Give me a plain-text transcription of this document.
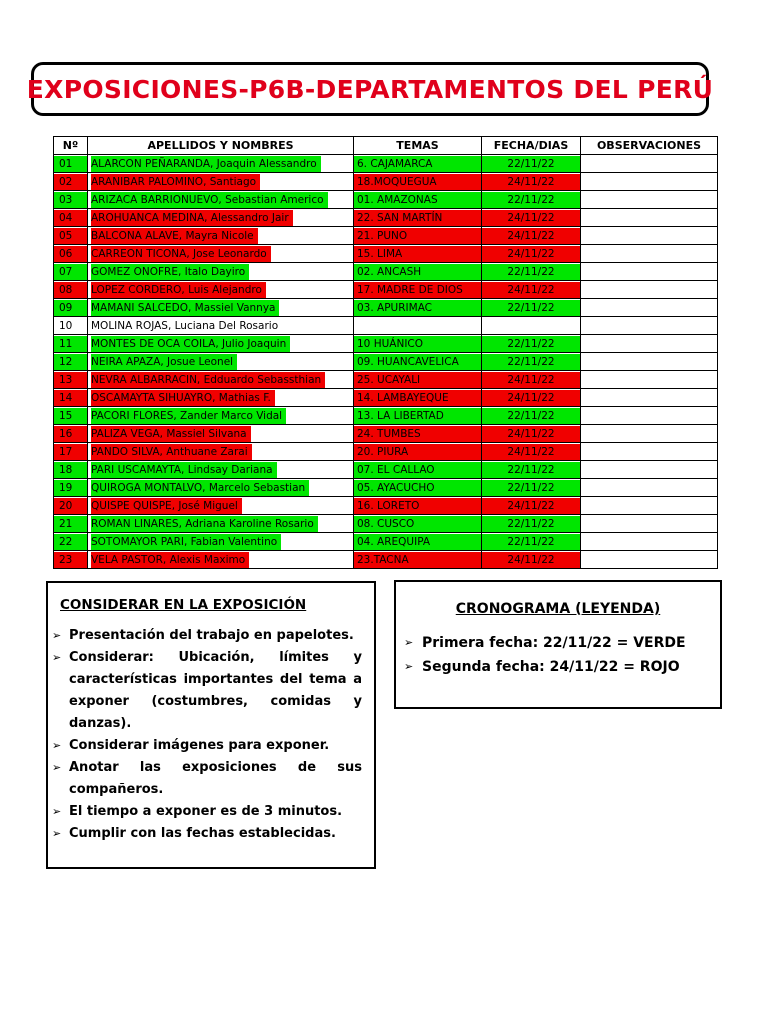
EXPOSICIONES-P6B-DEPARTAMENTOS DEL PERÚ
Nº	APELLIDOS Y NOMBRES	TEMAS	FECHA/DIAS	OBSERVACIONES

01	ALARCON PEÑARANDA, Joaquin Alessandro	6. CAJAMARCA	22/11/22	

02	ARANIBAR PALOMINO, Santiago	18.MOQUEGUA	24/11/22	

03	ARIZACA BARRIONUEVO, Sebastian Americo	01. AMAZONAS	22/11/22	

04	AROHUANCA MEDINA, Alessandro Jair	22. SAN MARTÍN	24/11/22	

05	BALCONA ALAVE, Mayra Nicole	21. PUNO	24/11/22	

06	CARREON TICONA, Jose Leonardo	15. LIMA	24/11/22	

07	GOMEZ ONOFRE, Italo Dayiro	02. ANCASH	22/11/22	

08	LOPEZ CORDERO, Luis Alejandro	17. MADRE DE DIOS	24/11/22	

09	MAMANI SALCEDO, Massiel Vannya	03. APURIMAC	22/11/22	

10	MOLINA ROJAS, Luciana Del Rosario			

11	MONTES DE OCA COILA, Julio Joaquin	10 HUÁNICO	22/11/22	

12	NEIRA APAZA, Josue Leonel	09. HUANCAVELICA	22/11/22	

13	NEVRA ALBARRACIN, Edduardo Sebassthian	25. UCAYALI	24/11/22	

14	OSCAMAYTA SIHUAYRO, Mathias F.	14. LAMBAYEQUE	24/11/22	

15	PACORI FLORES, Zander Marco Vidal	13. LA LIBERTAD	22/11/22	

16	PALIZA VEGA, Massiel Silvana	24. TUMBES	24/11/22	

17	PANDO SILVA, Anthuane Zarai	20. PIURA	24/11/22	

18	PARI USCAMAYTA, Lindsay Dariana	07. EL CALLAO	22/11/22	

19	QUIROGA MONTALVO, Marcelo Sebastian	05. AYACUCHO	22/11/22	

20	QUISPE QUISPE, José Miguel	16. LORETO	24/11/22	

21	ROMAN LINARES, Adriana Karoline Rosario	08. CUSCO	22/11/22	

22	SOTOMAYOR PARI, Fabian Valentino	04. AREQUIPA	22/11/22	

23	VELA PASTOR, Alexis Maximo	23.TACNA	24/11/22	

CONSIDERAR EN LA EXPOSICIÓN
➢ Presentación del trabajo en papelotes.
➢ Considerar: Ubicación, límites y características importantes del tema a exponer (costumbres, comidas y danzas).
➢ Considerar imágenes para exponer.
➢ Anotar las exposiciones de sus compañeros.
➢ El tiempo a exponer es de 3 minutos.
➢ Cumplir con las fechas establecidas.
CRONOGRAMA (LEYENDA)
➢ Primera fecha: 22/11/22 = VERDE
➢ Segunda fecha: 24/11/22 = ROJO
